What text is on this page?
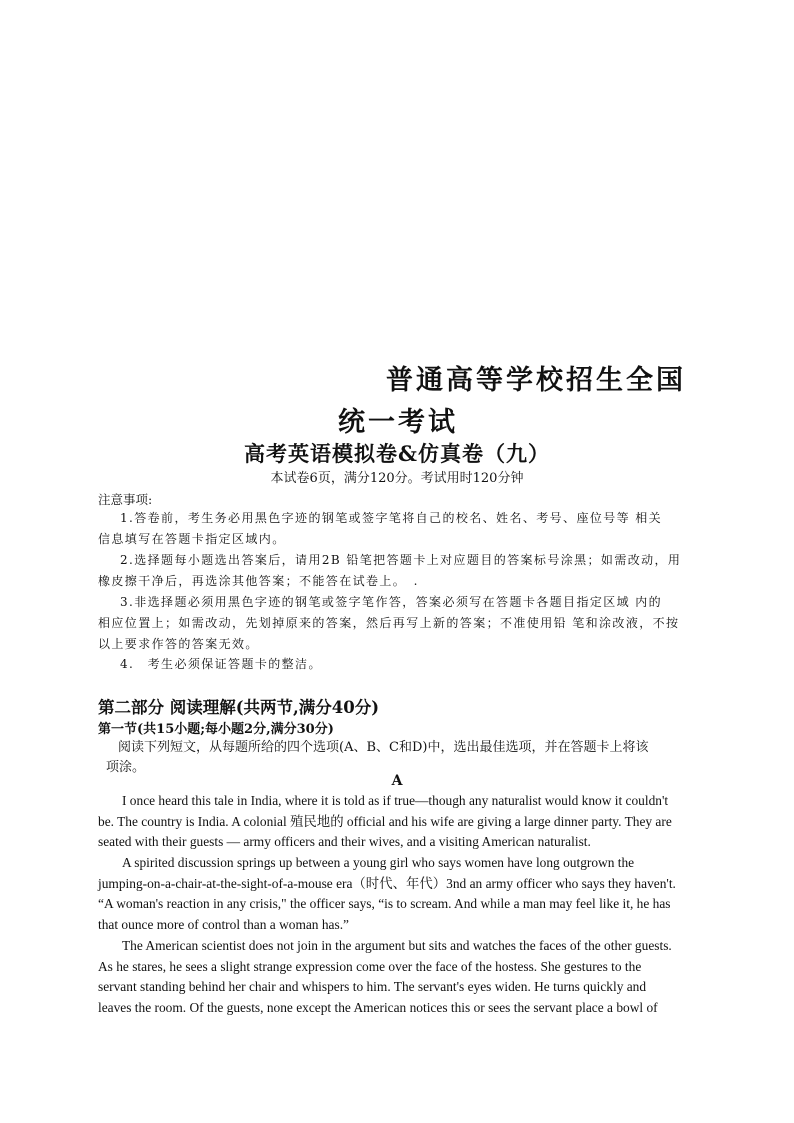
普通高等学校招生全国
统一考试
高考英语模拟卷&仿真卷（九）
本试卷6页，满分120分。考试用时120分钟
注意事项:
1.答卷前，考生务必用黑色字迹的钢笔或签字笔将自己的校名、姓名、考号、座位号等 相关
信息填写在答题卡指定区域内。
2.选择题每小题选出答案后，请用2B 铅笔把答题卡上对应题目的答案标号涂黑；如需改动，用
橡皮擦干净后，再选涂其他答案；不能答在试卷上。　.
3.非选择题必须用黑色字迹的钢笔或签字笔作答，答案必须写在答题卡各题目指定区域 内的
相应位置上；如需改动，先划掉原来的答案，然后再写上新的答案；不准使用铅 笔和涂改液，不按
以上要求作答的答案无效。
4.　考生必须保证答题卡的整洁。
第二部分 阅读理解(共两节,满分40分)
第一节(共15小题;每小题2分,满分30分)
阅读下列短文，从每题所给的四个选项(A、B、C和D)中，选出最佳选项，并在答题卡上将该
项涂。
A
I once heard this tale in India, where it is told as if true—though any naturalist would know it couldn't
be. The country is India. A colonial 殖民地的 official and his wife are giving a large dinner party. They are
seated with their guests — army officers and their wives, and a visiting American naturalist.
A spirited discussion springs up between a young girl who says women have long outgrown the
jumping-on-a-chair-at-the-sight-of-a-mouse era（时代、年代）3nd an army officer who says they haven't.
“A woman's reaction in any crisis," the officer says, “is to scream. And while a man may feel like it, he has
that ounce more of control than a woman has.”
The American scientist does not join in the argument but sits and watches the faces of the other guests.
As he stares, he sees a slight strange expression come over the face of the hostess. She gestures to the
servant standing behind her chair and whispers to him. The servant's eyes widen. He turns quickly and
leaves the room. Of the guests, none except the American notices this or sees the servant place a bowl of
